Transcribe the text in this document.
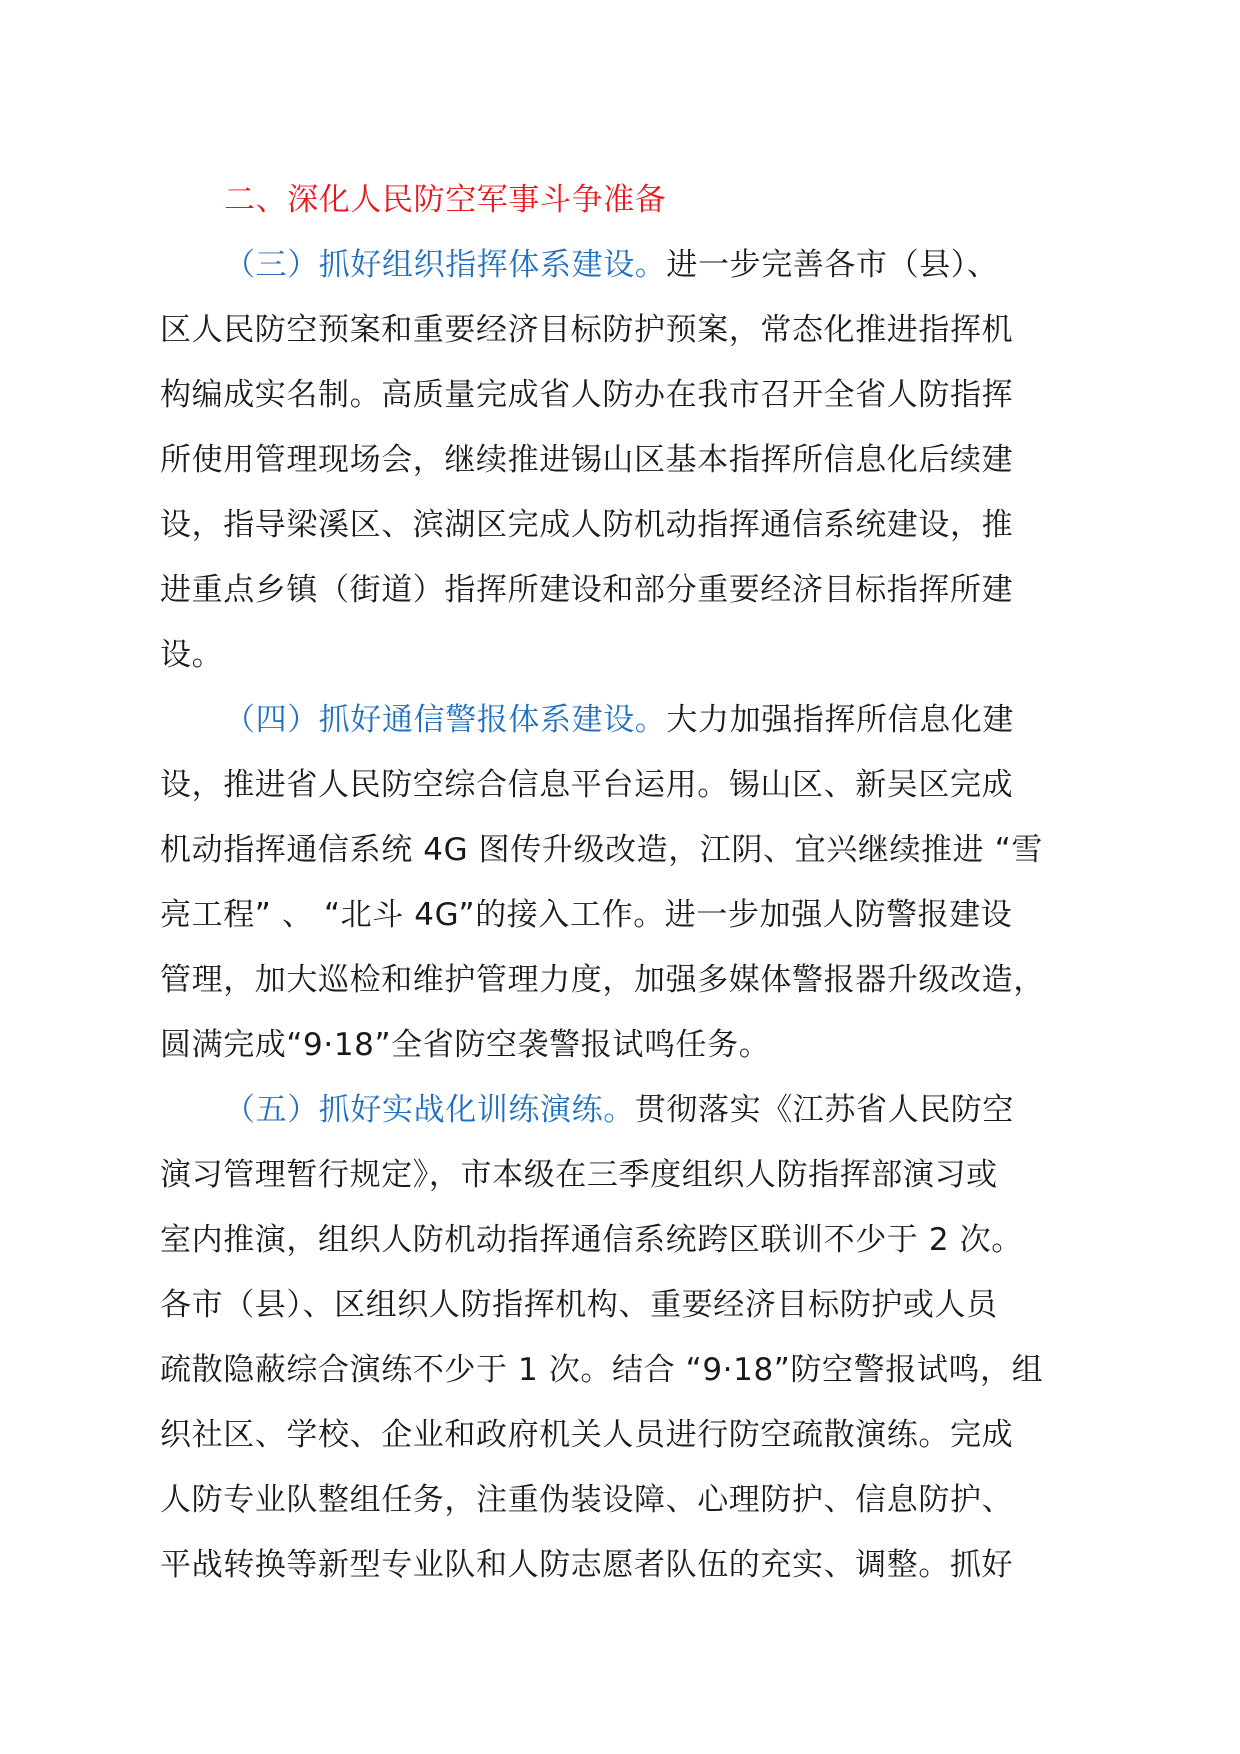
二、深化人民防空军事斗争准备
（三）抓好组织指挥体系建设。进一步完善各市（县）、
区人民防空预案和重要经济目标防护预案，常态化推进指挥机
构编成实名制。高质量完成省人防办在我市召开全省人防指挥
所使用管理现场会，继续推进锡山区基本指挥所信息化后续建
设，指导梁溪区、滨湖区完成人防机动指挥通信系统建设，推
进重点乡镇（街道）指挥所建设和部分重要经济目标指挥所建
设。
（四）抓好通信警报体系建设。大力加强指挥所信息化建
设，推进省人民防空综合信息平台运用。锡山区、新吴区完成
机动指挥通信系统 4G 图传升级改造，江阴、宜兴继续推进 “雪
亮工程” 、 “北斗 4G”的接入工作。进一步加强人防警报建设
管理，加大巡检和维护管理力度，加强多媒体警报器升级改造，
圆满完成“9·18”全省防空袭警报试鸣任务。
（五）抓好实战化训练演练。贯彻落实《江苏省人民防空
演习管理暂行规定》，市本级在三季度组织人防指挥部演习或
室内推演，组织人防机动指挥通信系统跨区联训不少于 2 次。
各市（县）、区组织人防指挥机构、重要经济目标防护或人员
疏散隐蔽综合演练不少于 1 次。结合 “9·18”防空警报试鸣，组
织社区、学校、企业和政府机关人员进行防空疏散演练。完成
人防专业队整组任务，注重伪装设障、心理防护、信息防护、
平战转换等新型专业队和人防志愿者队伍的充实、调整。抓好
